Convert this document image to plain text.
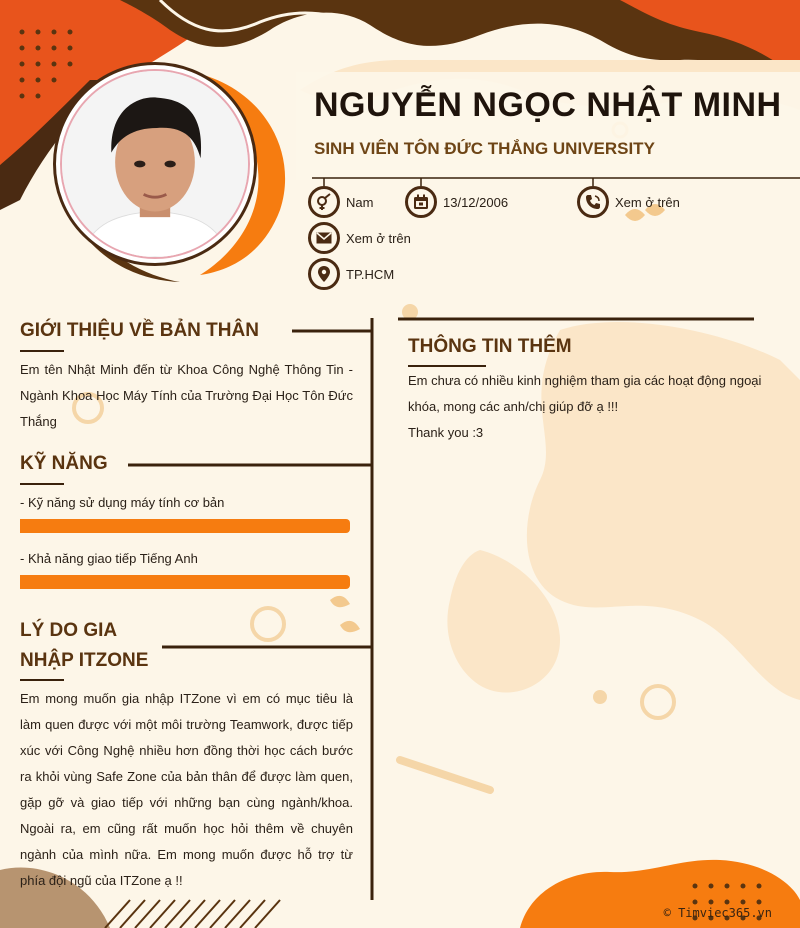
NGUYỄN NGỌC NHẬT MINH
SINH VIÊN TÔN ĐỨC THẮNG UNIVERSITY
Nam	13/12/2006	Xem ở trên
Xem ở trên
TP.HCM
GIỚI THIỆU VỀ BẢN THÂN
Em tên Nhật Minh đến từ Khoa Công Nghệ Thông Tin - Ngành Khoa Học Máy Tính của Trường Đại Học Tôn Đức Thắng
KỸ NĂNG
- Kỹ năng sử dụng máy tính cơ bản
- Khả năng giao tiếp Tiếng Anh
LÝ DO GIA
NHẬP ITZONE
Em mong muốn gia nhập ITZone vì em có mục tiêu là làm quen được với một môi trường Teamwork, được tiếp xúc với Công Nghệ nhiều hơn đồng thời học cách bước ra khỏi vùng Safe Zone của bản thân để được làm quen, gặp gỡ và giao tiếp với những bạn cùng ngành/khoa. Ngoài ra, em cũng rất muốn học hỏi thêm về chuyên ngành của mình nữa. Em mong muốn được hỗ trợ từ phía đội ngũ của ITZone ạ !!
THÔNG TIN THÊM
Em chưa có nhiều kinh nghiệm tham gia các hoạt động ngoại khóa, mong các anh/chị giúp đỡ ạ !!!
Thank you :3
© Timviec365.vn
